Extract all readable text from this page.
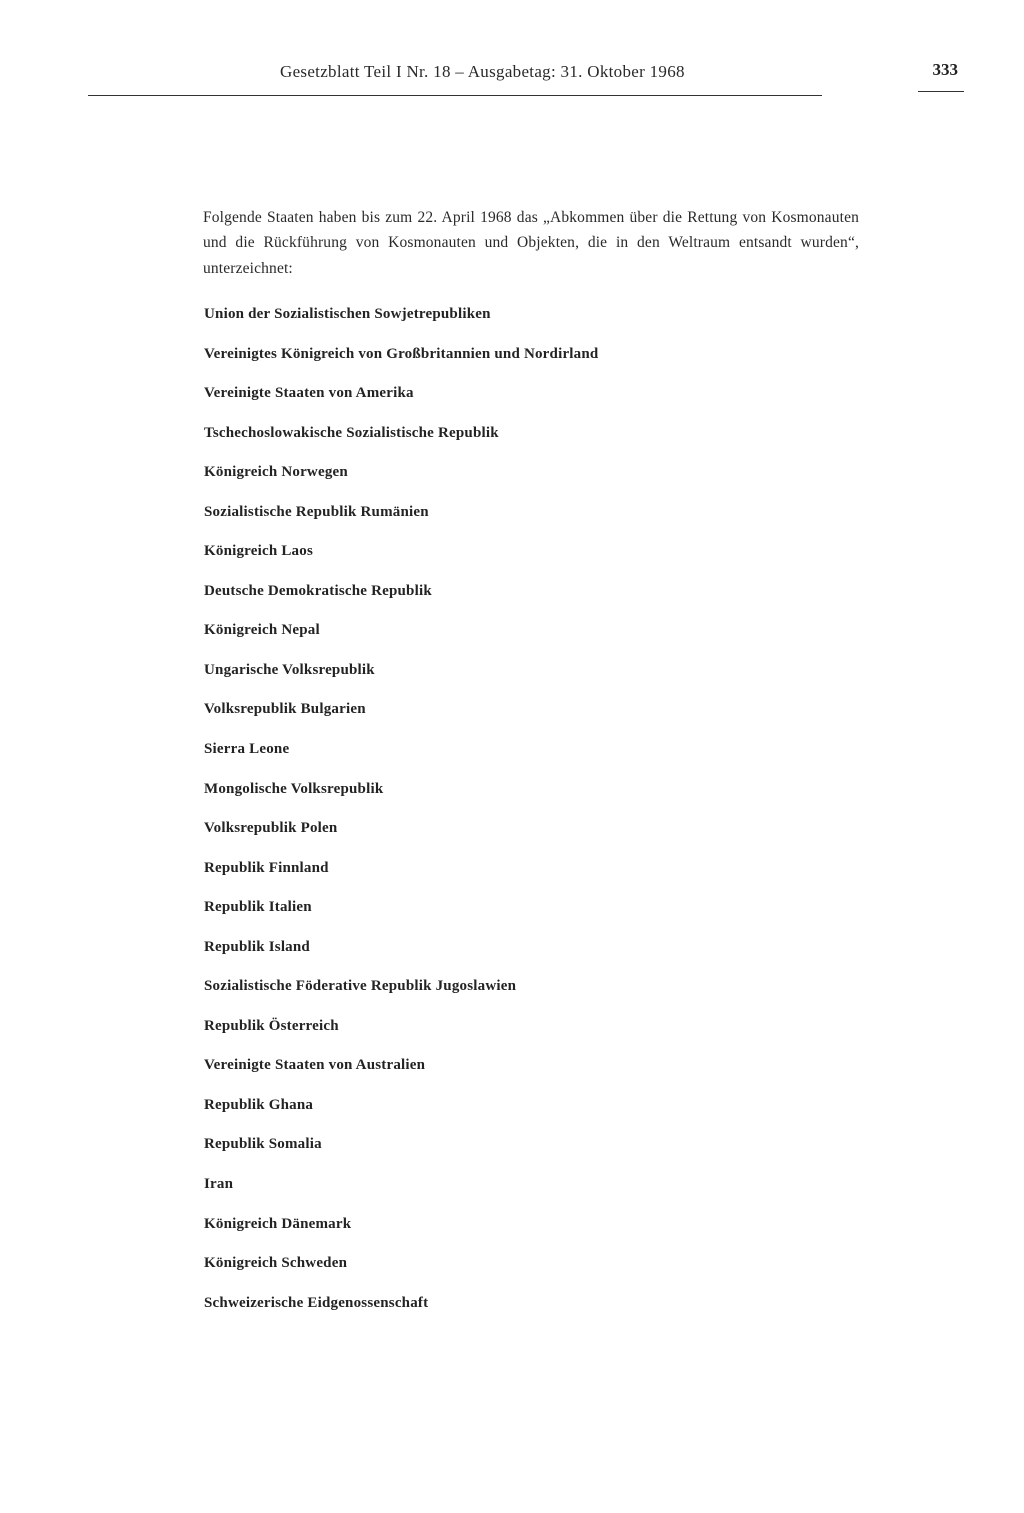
Gesetzblatt Teil I Nr. 18 – Ausgabetag: 31. Oktober 1968	333

Folgende Staaten haben bis zum 22. April 1968 das „Abkommen über die Rettung von Kosmonauten und die Rückführung von Kosmonauten und Objekten, die in den Weltraum entsandt wurden“, unterzeichnet:

Union der Sozialistischen Sowjetrepubliken
Vereinigtes Königreich von Großbritannien und Nordirland
Vereinigte Staaten von Amerika
Tschechoslowakische Sozialistische Republik
Königreich Norwegen
Sozialistische Republik Rumänien
Königreich Laos
Deutsche Demokratische Republik
Königreich Nepal
Ungarische Volksrepublik
Volksrepublik Bulgarien
Sierra Leone
Mongolische Volksrepublik
Volksrepublik Polen
Republik Finnland
Republik Italien
Republik Island
Sozialistische Föderative Republik Jugoslawien
Republik Österreich
Vereinigte Staaten von Australien
Republik Ghana
Republik Somalia
Iran
Königreich Dänemark
Königreich Schweden
Schweizerische Eidgenossenschaft
